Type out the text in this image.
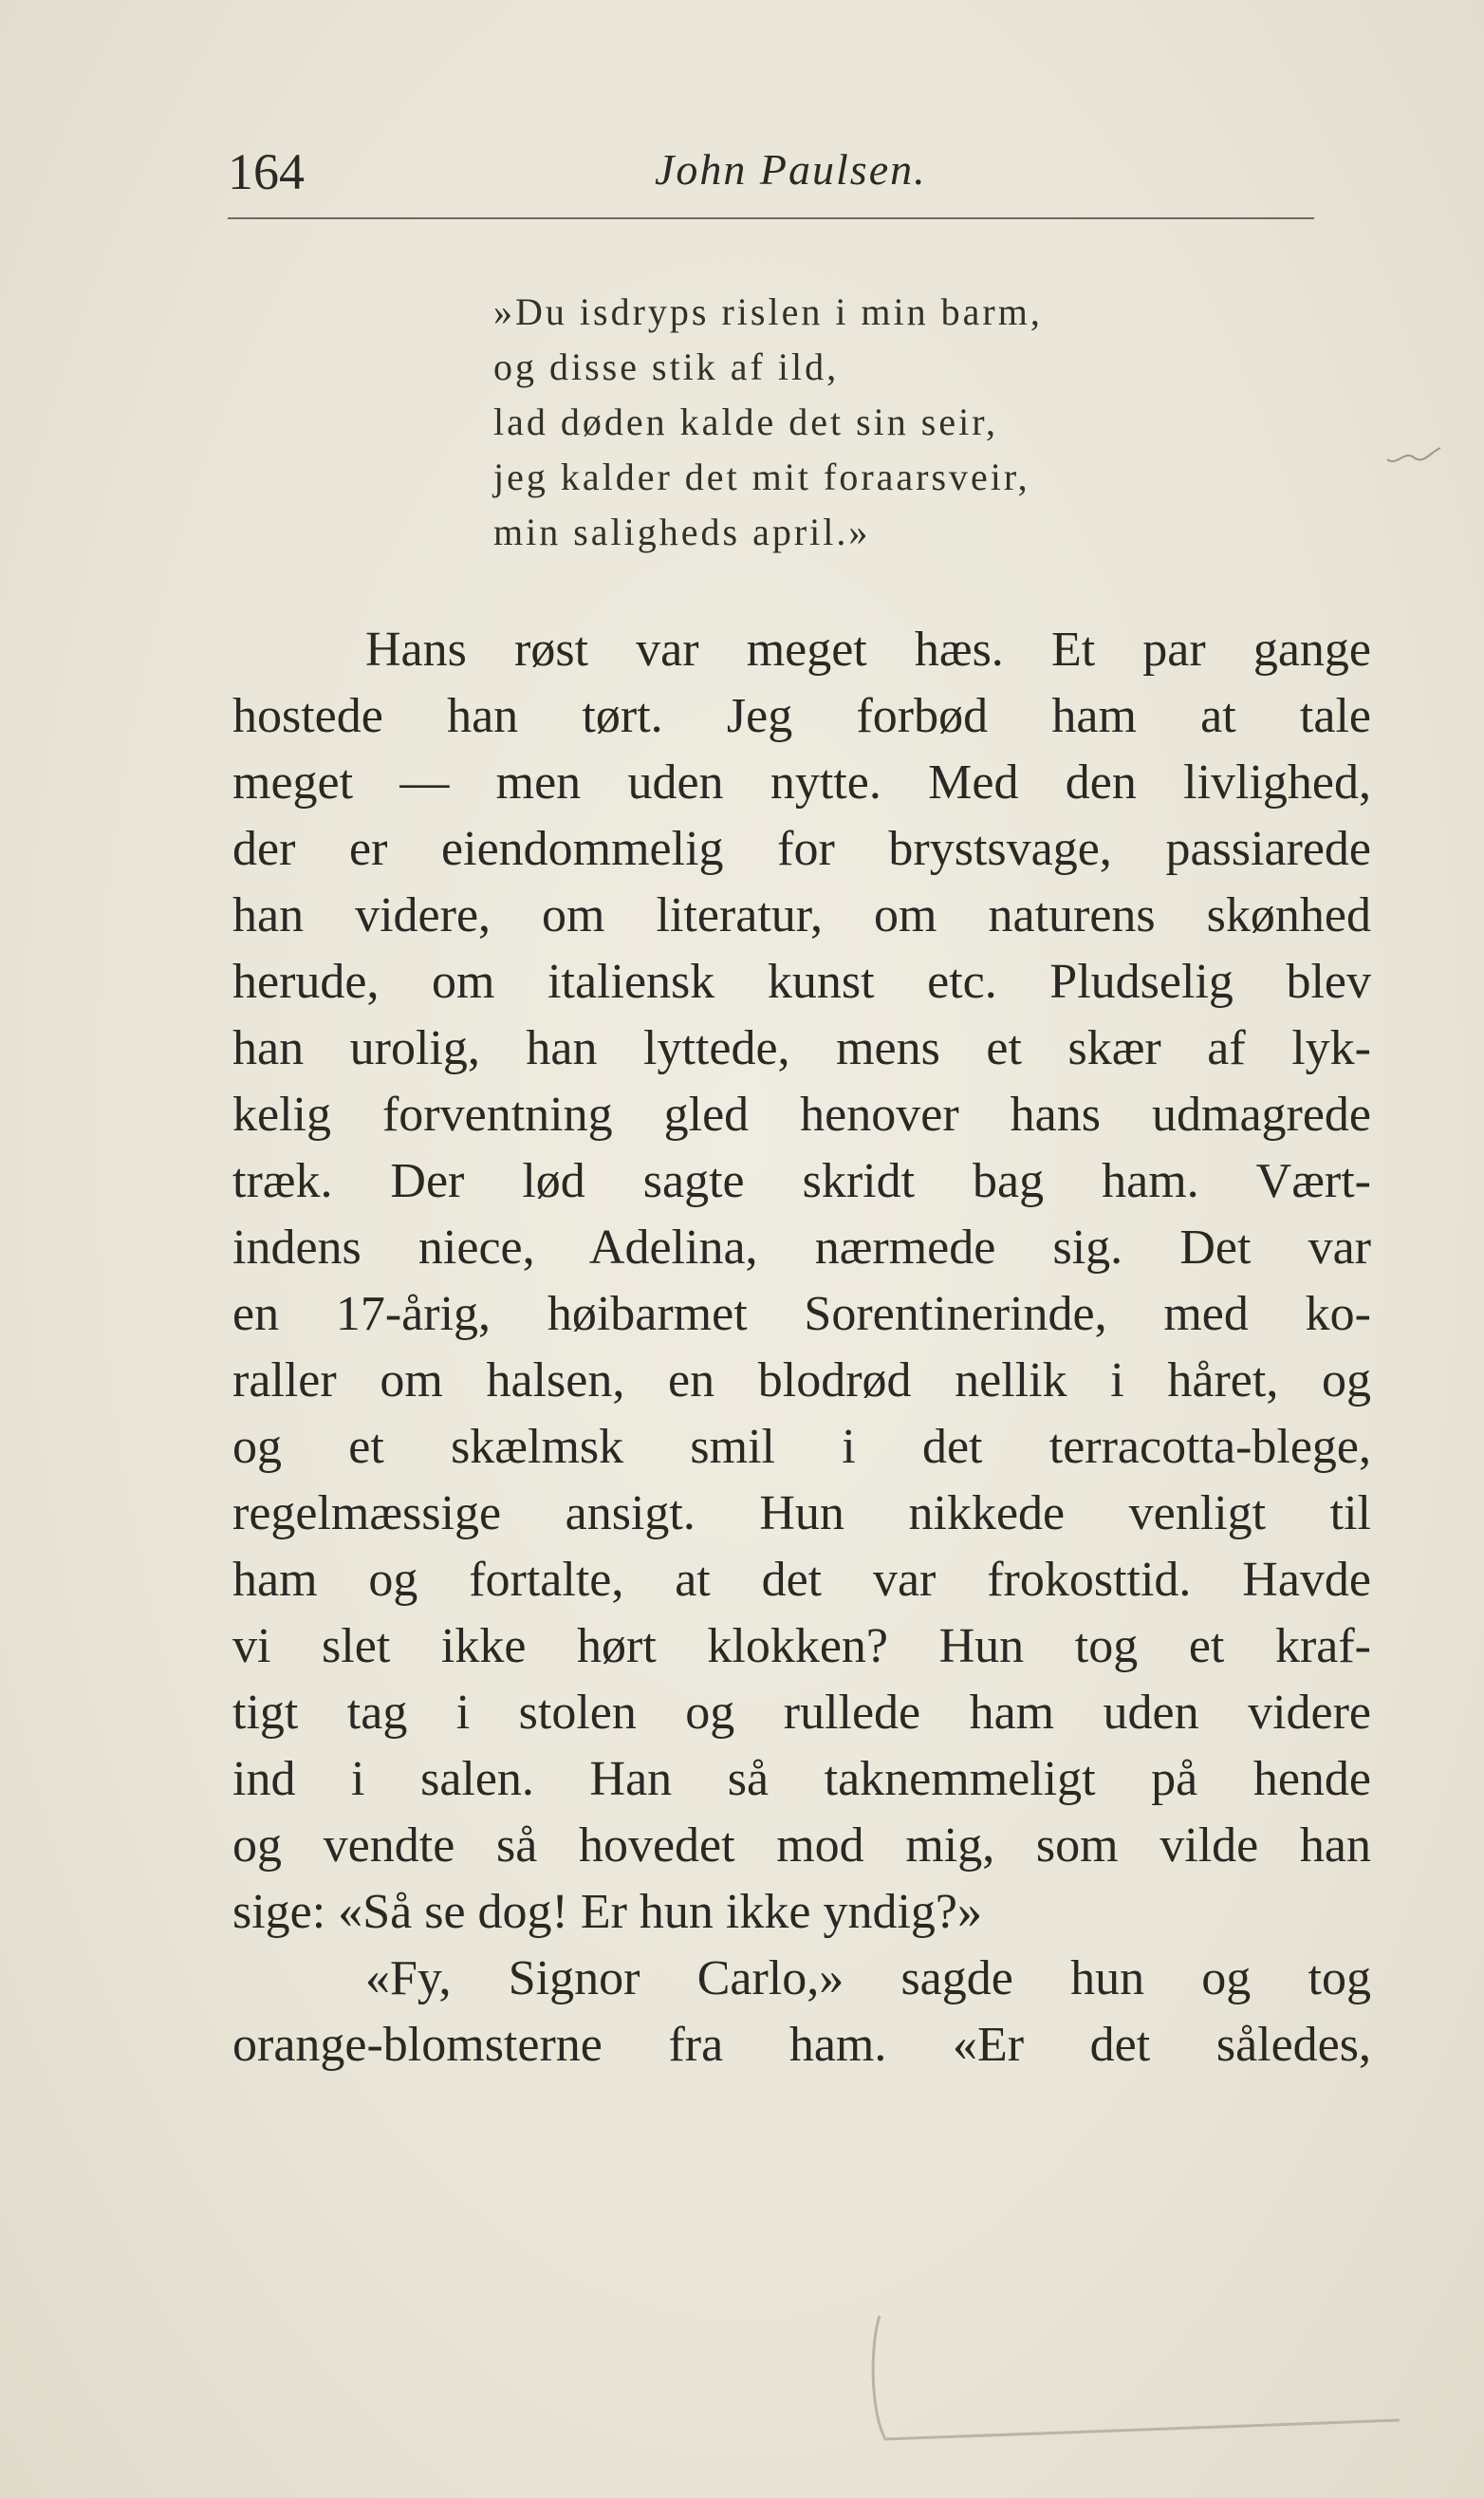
164	John Paulsen.
»Du isdryps rislen i min barm,
og disse stik af ild,
lad døden kalde det sin seir,
jeg kalder det mit foraarsveir,
min saligheds april.»
Hans røst var meget hæs. Et par gange
hostede han tørt. Jeg forbød ham at tale
meget — men uden nytte. Med den livlighed,
der er eiendommelig for brystsvage, passiarede
han videre, om literatur, om naturens skønhed
herude, om italiensk kunst etc. Pludselig blev
han urolig, han lyttede, mens et skær af lyk-
kelig forventning gled henover hans udmagrede
træk. Der lød sagte skridt bag ham. Vært-
indens niece, Adelina, nærmede sig. Det var
en 17-årig, høibarmet Sorentinerinde, med ko-
raller om halsen, en blodrød nellik i håret, og
og et skælmsk smil i det terracotta-blege,
regelmæssige ansigt. Hun nikkede venligt til
ham og fortalte, at det var frokosttid. Havde
vi slet ikke hørt klokken? Hun tog et kraf-
tigt tag i stolen og rullede ham uden videre
ind i salen. Han så taknemmeligt på hende
og vendte så hovedet mod mig, som vilde han
sige: «Så se dog! Er hun ikke yndig?»
«Fy, Signor Carlo,» sagde hun og tog
orange-blomsterne fra ham. «Er det således,
